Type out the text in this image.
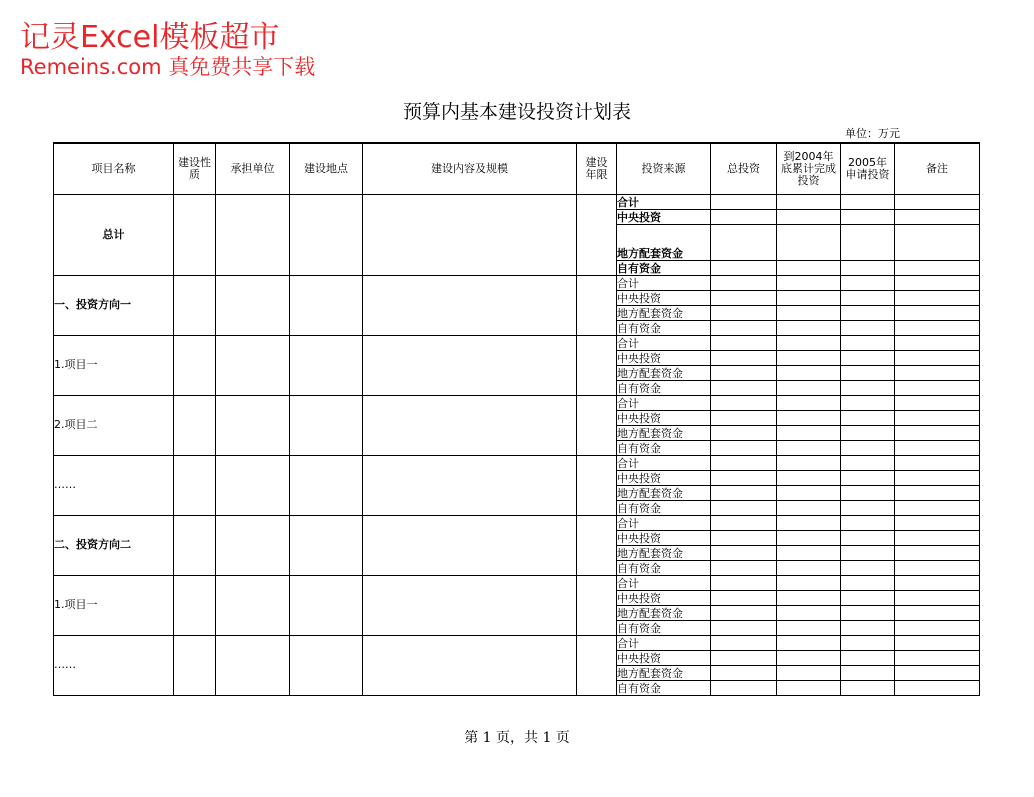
记灵Excel模板超市
Remeins.com 真免费共享下载
预算内基本建设投资计划表
单位：万元
项目名称	建设性质	承担单位	建设地点	建设内容及规模	建设年限	投资来源	总投资	到2004年底累计完成投资	2005年申请投资	备注
总计						合计				
						中央投资				
						地方配套资金				
						自有资金				
一、投资方向一						合计				
						中央投资				
						地方配套资金				
						自有资金				
1.项目一						合计				
						中央投资				
						地方配套资金				
						自有资金				
2.项目二						合计				
						中央投资				
						地方配套资金				
						自有资金				
……						合计				
						中央投资				
						地方配套资金				
						自有资金				
二、投资方向二						合计				
						中央投资				
						地方配套资金				
						自有资金				
1.项目一						合计				
						中央投资				
						地方配套资金				
						自有资金				
……						合计				
						中央投资				
						地方配套资金				
						自有资金				
第 1 页，共 1 页
